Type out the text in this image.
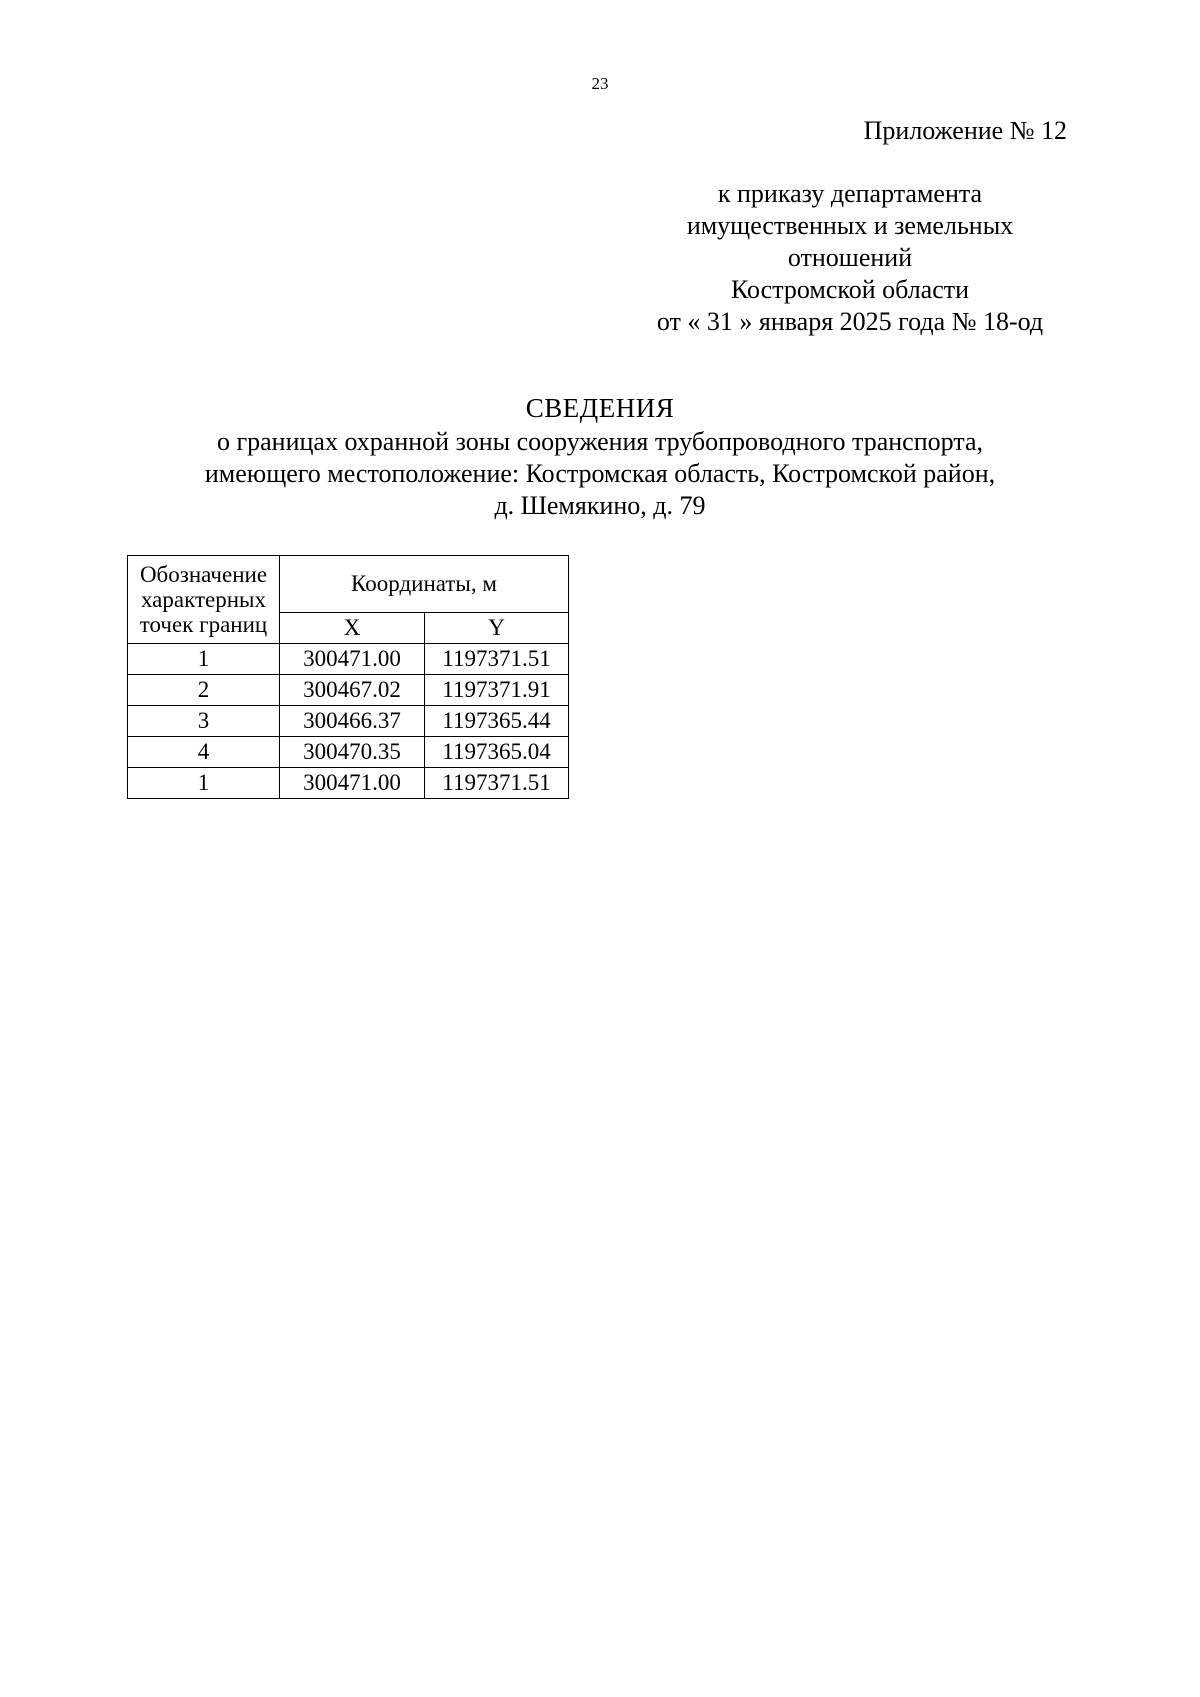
23
Приложение № 12
к приказу департамента
имущественных и земельных
отношений
Костромской области
от « 31 » января 2025 года № 18-од
СВЕДЕНИЯ
о границах охранной зоны сооружения трубопроводного транспорта,
имеющего местоположение: Костромская область, Костромской район,
д. Шемякино, д. 79
Обозначение характерных точек границ	Координаты, м	
	X	Y
1	300471.00	1197371.51
2	300467.02	1197371.91
3	300466.37	1197365.44
4	300470.35	1197365.04
1	300471.00	1197371.51
